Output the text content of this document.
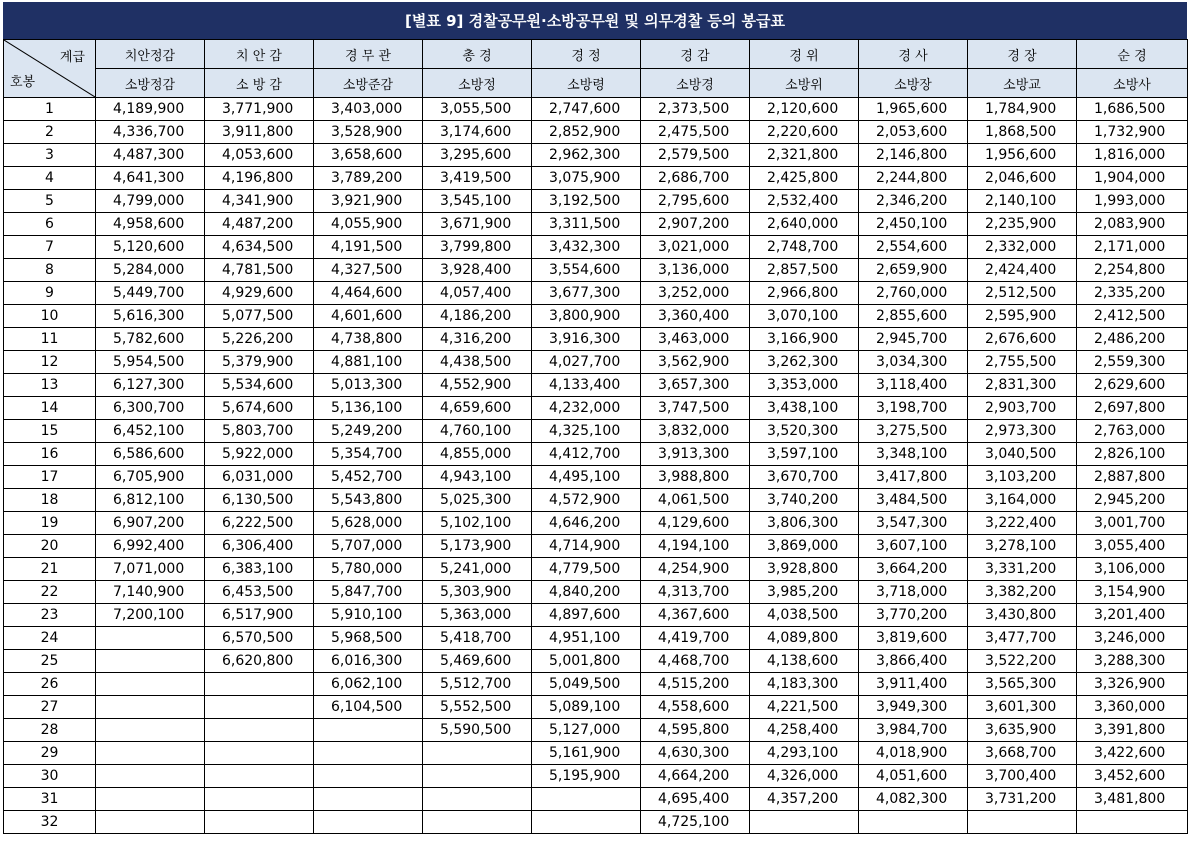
[별표 9] 경찰공무원·소방공무원 및 의무경찰 등의 봉급표
계급
호봉	치안정감	치 안 감	경 무 관	총 경	경 정	경 감	경 위	경 사	경 장	순 경
	소방정감	소 방 감	소방준감	소방정	소방령	소방경	소방위	소방장	소방교	소방사
1	4,189,900	3,771,900	3,403,000	3,055,500	2,747,600	2,373,500	2,120,600	1,965,600	1,784,900	1,686,500
2	4,336,700	3,911,800	3,528,900	3,174,600	2,852,900	2,475,500	2,220,600	2,053,600	1,868,500	1,732,900
3	4,487,300	4,053,600	3,658,600	3,295,600	2,962,300	2,579,500	2,321,800	2,146,800	1,956,600	1,816,000
4	4,641,300	4,196,800	3,789,200	3,419,500	3,075,900	2,686,700	2,425,800	2,244,800	2,046,600	1,904,000
5	4,799,000	4,341,900	3,921,900	3,545,100	3,192,500	2,795,600	2,532,400	2,346,200	2,140,100	1,993,000
6	4,958,600	4,487,200	4,055,900	3,671,900	3,311,500	2,907,200	2,640,000	2,450,100	2,235,900	2,083,900
7	5,120,600	4,634,500	4,191,500	3,799,800	3,432,300	3,021,000	2,748,700	2,554,600	2,332,000	2,171,000
8	5,284,000	4,781,500	4,327,500	3,928,400	3,554,600	3,136,000	2,857,500	2,659,900	2,424,400	2,254,800
9	5,449,700	4,929,600	4,464,600	4,057,400	3,677,300	3,252,000	2,966,800	2,760,000	2,512,500	2,335,200
10	5,616,300	5,077,500	4,601,600	4,186,200	3,800,900	3,360,400	3,070,100	2,855,600	2,595,900	2,412,500
11	5,782,600	5,226,200	4,738,800	4,316,200	3,916,300	3,463,000	3,166,900	2,945,700	2,676,600	2,486,200
12	5,954,500	5,379,900	4,881,100	4,438,500	4,027,700	3,562,900	3,262,300	3,034,300	2,755,500	2,559,300
13	6,127,300	5,534,600	5,013,300	4,552,900	4,133,400	3,657,300	3,353,000	3,118,400	2,831,300	2,629,600
14	6,300,700	5,674,600	5,136,100	4,659,600	4,232,000	3,747,500	3,438,100	3,198,700	2,903,700	2,697,800
15	6,452,100	5,803,700	5,249,200	4,760,100	4,325,100	3,832,000	3,520,300	3,275,500	2,973,300	2,763,000
16	6,586,600	5,922,000	5,354,700	4,855,000	4,412,700	3,913,300	3,597,100	3,348,100	3,040,500	2,826,100
17	6,705,900	6,031,000	5,452,700	4,943,100	4,495,100	3,988,800	3,670,700	3,417,800	3,103,200	2,887,800
18	6,812,100	6,130,500	5,543,800	5,025,300	4,572,900	4,061,500	3,740,200	3,484,500	3,164,000	2,945,200
19	6,907,200	6,222,500	5,628,000	5,102,100	4,646,200	4,129,600	3,806,300	3,547,300	3,222,400	3,001,700
20	6,992,400	6,306,400	5,707,000	5,173,900	4,714,900	4,194,100	3,869,000	3,607,100	3,278,100	3,055,400
21	7,071,000	6,383,100	5,780,000	5,241,000	4,779,500	4,254,900	3,928,800	3,664,200	3,331,200	3,106,000
22	7,140,900	6,453,500	5,847,700	5,303,900	4,840,200	4,313,700	3,985,200	3,718,000	3,382,200	3,154,900
23	7,200,100	6,517,900	5,910,100	5,363,000	4,897,600	4,367,600	4,038,500	3,770,200	3,430,800	3,201,400
24		6,570,500	5,968,500	5,418,700	4,951,100	4,419,700	4,089,800	3,819,600	3,477,700	3,246,000
25		6,620,800	6,016,300	5,469,600	5,001,800	4,468,700	4,138,600	3,866,400	3,522,200	3,288,300
26			6,062,100	5,512,700	5,049,500	4,515,200	4,183,300	3,911,400	3,565,300	3,326,900
27			6,104,500	5,552,500	5,089,100	4,558,600	4,221,500	3,949,300	3,601,300	3,360,000
28				5,590,500	5,127,000	4,595,800	4,258,400	3,984,700	3,635,900	3,391,800
29					5,161,900	4,630,300	4,293,100	4,018,900	3,668,700	3,422,600
30					5,195,900	4,664,200	4,326,000	4,051,600	3,700,400	3,452,600
31						4,695,400	4,357,200	4,082,300	3,731,200	3,481,800
32						4,725,100				
